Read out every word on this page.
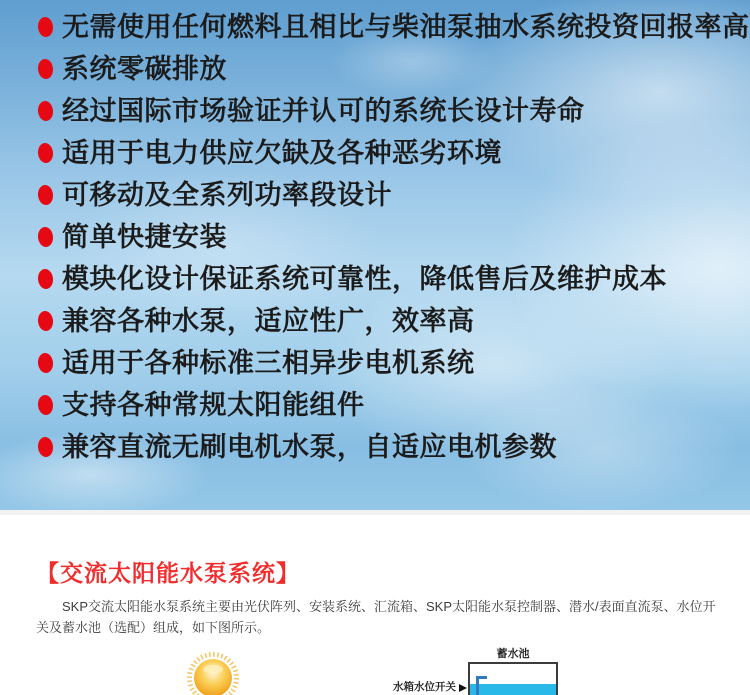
无需使用任何燃料且相比与柴油泵抽水系统投资回报率高
系统零碳排放
经过国际市场验证并认可的系统长设计寿命
适用于电力供应欠缺及各种恶劣环境
可移动及全系列功率段设计
简单快捷安装
模块化设计保证系统可靠性，降低售后及维护成本
兼容各种水泵，适应性广，效率高
适用于各种标准三相异步电机系统
支持各种常规太阳能组件
兼容直流无刷电机水泵，自适应电机参数
【交流太阳能水泵系统】

SKP交流太阳能水泵系统主要由光伏阵列、安装系统、汇流箱、SKP太阳能水泵控制器、潜水/表面直流泵、水位开关及蓄水池（选配）组成，如下图所示。

蓄水池
水箱水位开关
